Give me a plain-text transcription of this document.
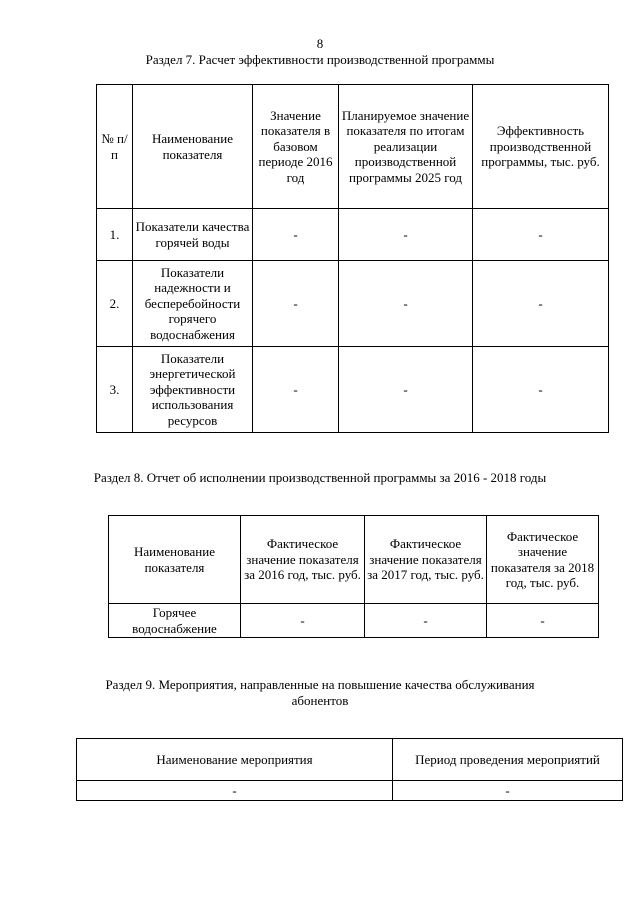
8
Раздел 7. Расчет эффективности производственной программы
№ п/п	Наименование показателя	Значение показателя в базовом периоде 2016 год	Планируемое значение показателя по итогам реализации производственной программы 2025 год	Эффективность производственной программы, тыс. руб.
1.	Показатели качества горячей воды	-	-	-
2.	Показатели надежности и бесперебойности горячего водоснабжения	-	-	-
3.	Показатели энергетической эффективности использования ресурсов	-	-	-
Раздел 8. Отчет об исполнении производственной программы за 2016 - 2018 годы
Наименование показателя	Фактическое значение показателя за 2016 год, тыс. руб.	Фактическое значение показателя за 2017 год, тыс. руб.	Фактическое значение показателя за 2018 год, тыс. руб.
Горячее водоснабжение	-	-	-
Раздел 9. Мероприятия, направленные на повышение качества обслуживания
абонентов
Наименование мероприятия	Период проведения мероприятий
-	-
